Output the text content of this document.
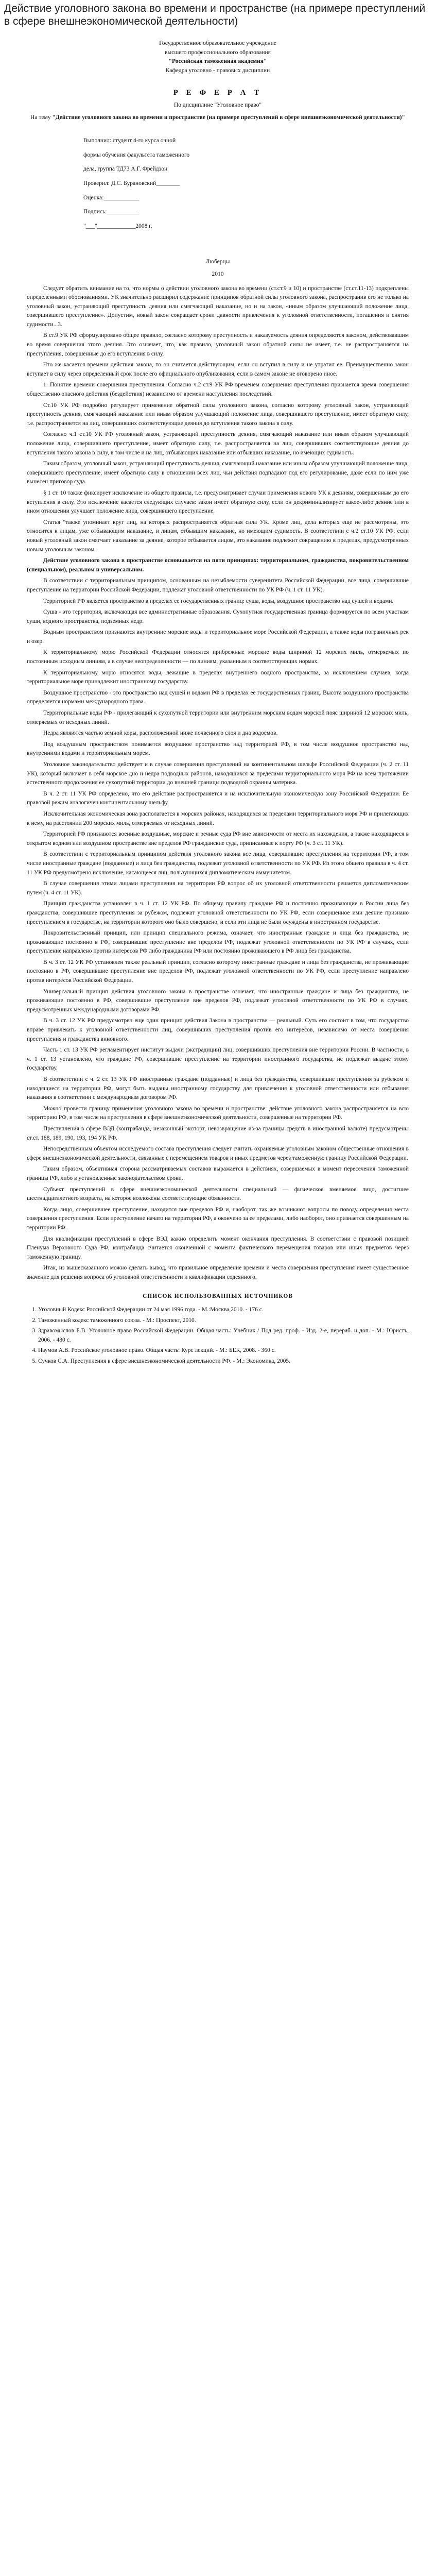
Действие уголовного закона во времени и пространстве (на примере преступлений в сфере внешнеэкономической деятельности)

Государственное образовательное учреждение

высшего профессионального образования

"Российская таможенная академия"

Кафедра уголовно - правовых дисциплин

Р Е Ф Е Р А Т
По дисциплине "Уголовное право"
На тему "Действие уголовного закона во времени и пространстве (на примере преступлений в сфере внешнеэкономической деятельности)"

Выполнил: студент 4-го курса очной

формы обучения факультета таможенного

дела, группа ТД73 А.Г. Фрейдзон

Проверил: Д.С. Бурановский________

Оценка:____________

Подпись:___________

"___"_____________2008 г.

Люберцы

2010

Следует обратить внимание на то, что нормы о действии уголовного закона во времени (ст.ст.9 и 10) и пространстве (ст.ст.11-13) подкреплены определенными обоснованиями. УК значительно расширил содержание принципов обратной силы уголовного закона, распространив его не только на уголовный закон, устраняющий преступность деяния или смягчающий наказание, но и на закон, «иным образом улучшающий положение лица, совершившего преступление». Допустим, новый закон сокращает сроки давности привлечения к уголовной ответственности, погашения и снятия судимости...3.

В ст.9 УК РФ сформулировано общее правило, согласно которому преступность и наказуемость деяния определяются законом, действовавшим во время совершения этого деяния. Это означает, что, как правило, уголовный закон обратной силы не имеет, т.е. не распространяется на преступления, совершенные до его вступления в силу.

Что же касается времени действия закона, то он считается действующим, если он вступил в силу и не утратил ее. Преимущественно закон вступает в силу через определенный срок после его официального опубликования, если в самом законе не оговорено иное.

1. Понятие времени совершения преступления. Согласно ч.2 ст.9 УК РФ временем совершения преступления признается время совершения общественно опасного действия (бездействия) независимо от времени наступления последствий.

Ст.10 УК РФ подробно регулирует применение обратной силы уголовного закона, согласно которому уголовный закон, устраняющий преступность деяния, смягчающий наказание или иным образом улучшающий положение лица, совершившего преступление, имеет обратную силу, т.е. распространяется на лиц, совершивших соответствующие деяния до вступления такого закона в силу.

Согласно ч.1 ст.10 УК РФ уголовный закон, устраняющий преступность деяния, смягчающий наказание или иным образом улучшающий положение лица, совершившего преступление, имеет обратную силу, т.е. распространяется на лиц, совершивших соответствующие деяния до вступления такого закона в силу, в том числе и на лиц, отбывающих наказание или отбывших наказание, но имеющих судимость.

Таким образом, уголовный закон, устраняющий преступность деяния, смягчающий наказание или иным образом улучшающий положение лица, совершившего преступление, имеет обратную силу в отношении всех лиц, чьи действия подпадают под его регулирование, даже если по ним уже вынесен приговор суда.

§ 1 ст. 10 также фиксирует исключение из общего правила, т.е. предусматривает случаи применения нового УК к деяниям, совершенным до его вступления в силу. Это исключение касается следующих случаев: закон имеет обратную силу, если он декриминализирует какое-либо деяние или в ином отношении улучшает положение лица, совершившего преступление.

Статья "также упоминает круг лиц, на которых распространяется обратная сила УК. Кроме лиц, дела которых еще не рассмотрены, это относится к лицам, уже отбывающим наказание, и лицам, отбывшим наказание, но имеющим судимость. В соответствии с ч.2 ст.10 УК РФ, если новый уголовный закон смягчает наказание за деяние, которое отбывается лицом, это наказание подлежит сокращению в пределах, предусмотренных новым уголовным законом.

Действие уголовного закона в пространстве основывается на пяти принципах: территориальном, гражданства, покровительственном (специальном), реальном и универсальном.

В соответствии с территориальным принципом, основанным на незыблемости суверенитета Российской Федерации, все лица, совершившие преступление на территории Российской Федерации, подлежат уголовной ответственности по УК РФ (ч. 1 ст. 11 УК).

Территорией РФ является пространство в пределах ее государственных границ: суша, воды, воздушное пространство над сушей и водами.

Суша - это территория, включающая все административные образования. Сухопутная государственная граница формируется по всем участкам суши, водного пространства, подземных недр.

Водным пространством признаются внутренние морские воды и территориальное море Российской Федерации, а также воды пограничных рек и озер.

К территориальному морю Российской Федерации относятся прибрежные морские воды шириной 12 морских миль, отмеряемых по постоянным исходным линиям, а в случае неопределенности — по линиям, указанным в соответствующих нормах.

К территориальному морю относятся воды, лежащие в пределах внутреннего водного пространства, за исключением случаев, когда территориальное море принадлежит иностранному государству.

Воздушное пространство - это пространство над сушей и водами РФ в пределах ее государственных границ. Высота воздушного пространства определяется нормами международного права.

Территориальные воды РФ - прилегающий к сухопутной территории или внутренним морским водам морской пояс шириной 12 морских миль, отмеряемых от исходных линий.

Недра являются частью земной коры, расположенной ниже почвенного слоя и дна водоемов.

Под воздушным пространством понимается воздушное пространство над территорией РФ, в том числе воздушное пространство над внутренними водами и территориальным морем.

Уголовное законодательство действует и в случае совершения преступлений на континентальном шельфе Российской Федерации (ч. 2 ст. 11 УК), который включает в себя морское дно и недра подводных районов, находящихся за пределами территориального моря РФ на всем протяжении естественного продолжения ее сухопутной территории до внешней границы подводной окраины материка.

В ч. 2 ст. 11 УК РФ определено, что его действие распространяется и на исключительную экономическую зону Российской Федерации. Ее правовой режим аналогичен континентальному шельфу.

Исключительная экономическая зона располагается в морских районах, находящихся за пределами территориального моря РФ и прилегающих к нему, на расстоянии 200 морских миль, отмеряемых от исходных линий.

Территорией РФ признаются военные воздушные, морские и речные суда РФ вне зависимости от места их нахождения, а также находящиеся в открытом водном или воздушном пространстве вне пределов РФ гражданские суда, приписанные к порту РФ (ч. 3 ст. 11 УК).

В соответствии с территориальным принципом действия уголовного закона все лица, совершившие преступления на территории РФ, в том числе иностранные граждане (подданные) и лица без гражданства, подлежат уголовной ответственности по УК РФ. Из этого общего правила в ч. 4 ст. 11 УК РФ предусмотрено исключение, касающееся лиц, пользующихся дипломатическим иммунитетом.

В случае совершения этими лицами преступления на территории РФ вопрос об их уголовной ответственности решается дипломатическим путем (ч. 4 ст. 11 УК).

Принцип гражданства установлен в ч. 1 ст. 12 УК РФ. По общему правилу граждане РФ и постоянно проживающие в России лица без гражданства, совершившие преступления за рубежом, подлежат уголовной ответственности по УК РФ, если совершенное ими деяние признано преступлением в государстве, на территории которого оно было совершено, и если эти лица не были осуждены в иностранном государстве.

Покровительственный принцип, или принцип специального режима, означает, что иностранные граждане и лица без гражданства, не проживающие постоянно в РФ, совершившие преступление вне пределов РФ, подлежат уголовной ответственности по УК РФ в случаях, если преступление направлено против интересов РФ либо гражданина РФ или постоянно проживающего в РФ лица без гражданства.

В ч. 3 ст. 12 УК РФ установлен также реальный принцип, согласно которому иностранные граждане и лица без гражданства, не проживающие постоянно в РФ, совершившие преступление вне пределов РФ, подлежат уголовной ответственности по УК РФ, если преступление направлено против интересов Российской Федерации.

Универсальный принцип действия уголовного закона в пространстве означает, что иностранные граждане и лица без гражданства, не проживающие постоянно в РФ, совершившие преступление вне пределов РФ, подлежат уголовной ответственности по УК РФ в случаях, предусмотренных международными договорами РФ.

В ч. 3 ст. 12 УК РФ предусмотрен еще один принцип действия Закона в пространстве — реальный. Суть его состоит в том, что государство вправе привлекать к уголовной ответственности лиц, совершивших преступления против его интересов, независимо от места совершения преступления и гражданства виновного.

Часть 1 ст. 13 УК РФ регламентирует институт выдачи (экстрадиции) лиц, совершивших преступления вне территории России. В частности, в ч. 1 ст. 13 установлено, что граждане РФ, совершившие преступление на территории иностранного государства, не подлежат выдаче этому государству.

В соответствии с ч. 2 ст. 13 УК РФ иностранные граждане (подданные) и лица без гражданства, совершившие преступления за рубежом и находящиеся на территории РФ, могут быть выданы иностранному государству для привлечения к уголовной ответственности или отбывания наказания в соответствии с международным договором РФ.

Можно провести границу применения уголовного закона во времени и пространстве: действие уголовного закона распространяется на всю территорию РФ, в том числе на преступления в сфере внешнеэкономической деятельности, совершенные на территории РФ.

Преступления в сфере ВЭД (контрабанда, незаконный экспорт, невозвращение из-за границы средств в иностранной валюте) предусмотрены ст.ст. 188, 189, 190, 193, 194 УК РФ.

Непосредственным объектом исследуемого состава преступления следует считать охраняемые уголовным законом общественные отношения в сфере внешнеэкономической деятельности, связанные с перемещением товаров и иных предметов через таможенную границу Российской Федерации.

Таким образом, объективная сторона рассматриваемых составов выражается в действиях, совершаемых в момент пересечения таможенной границы РФ, либо в установленные законодательством сроки.

Субъект преступлений в сфере внешнеэкономической деятельности специальный — физическое вменяемое лицо, достигшее шестнадцатилетнего возраста, на которое возложены соответствующие обязанности.

Когда лицо, совершившее преступление, находится вне пределов РФ и, наоборот, так же возникают вопросы по поводу определения места совершения преступления. Если преступление начато на территории РФ, а окончено за ее пределами, либо наоборот, оно признается совершенным на территории РФ.

Для квалификации преступлений в сфере ВЭД важно определить момент окончания преступления. В соответствии с правовой позицией Пленума Верховного Суда РФ, контрабанда считается оконченной с момента фактического перемещения товаров или иных предметов через таможенную границу.

Итак, из вышесказанного можно сделать вывод, что правильное определение времени и места совершения преступления имеет существенное значение для решения вопроса об уголовной ответственности и квалификации содеянного.

СПИСОК ИСПОЛЬЗОВАННЫХ ИСТОЧНИКОВ
1. Уголовный Кодекс Российской Федерации от 24 мая 1996 года. - М.:Москва,2010. - 176 с.
2. Таможенный кодекс таможенного союза. - М.: Проспект, 2010.
3. Здравомыслов Б.В. Уголовное право Российской Федерации. Общая часть: Учебник / Под ред. проф. - Изд. 2-е, перераб. и доп. - М.: Юристъ, 2006. - 480 с.
4. Наумов А.В. Российское уголовное право. Общая часть: Курс лекций. - М.: БЕК, 2008. - 360 с.
5. Сучков С.А. Преступления в сфере внешнеэкономической деятельности РФ. - М.: Экономика, 2005.
